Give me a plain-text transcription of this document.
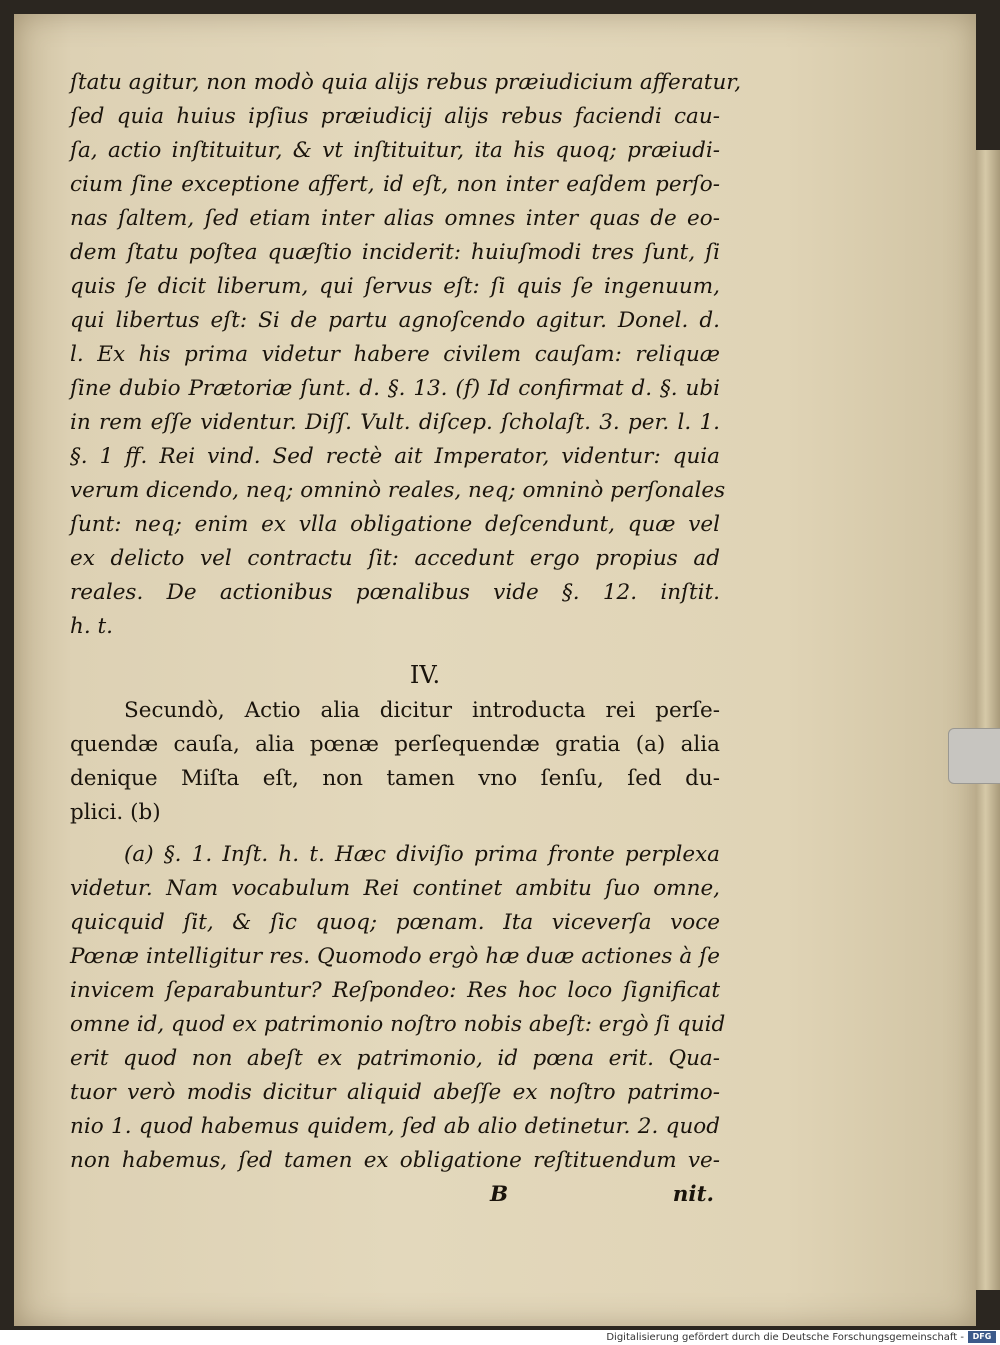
ſtatu agitur, non modò quia alijs rebus præiudicium afferatur,
ſed quia huius ipſius præiudicij alijs rebus faciendi cau-
ſa, actio inſtituitur, & vt inſtituitur, ita his quoq; præiudi-
cium ſine exceptione affert, id eſt, non inter eaſdem perſo-
nas ſaltem, ſed etiam inter alias omnes inter quas de eo-
dem ſtatu poſtea quæſtio inciderit: huiuſmodi tres ſunt, ſi
quis ſe dicit liberum, qui ſervus eſt: ſi quis ſe ingenuum,
qui libertus eſt: Si de partu agnoſcendo agitur. Donel. d.
l. Ex his prima videtur habere civilem cauſam: reliquæ
ſine dubio Prætoriæ ſunt. d. §. 13. (f) Id confirmat d. §. ubi
in rem eſſe videntur. Diſſ. Vult. diſcep. ſcholaſt. 3. per. l. 1.
§. 1 ff. Rei vind. Sed rectè ait Imperator, videntur: quia
verum dicendo, neq; omninò reales, neq; omninò perſonales
ſunt: neq; enim ex vlla obligatione deſcendunt, quæ vel
ex delicto vel contractu ſit: accedunt ergo propius ad
reales. De actionibus pœnalibus vide §. 12. inſtit.
h. t.
IV.
Secundò, Actio alia dicitur introducta rei perſe-
quendæ cauſa, alia pœnæ perſequendæ gratia (a) alia
denique Miſta eſt, non tamen vno ſenſu, ſed du-
plici. (b)
(a) §. 1. Inſt. h. t. Hæc diviſio prima fronte perplexa
videtur. Nam vocabulum Rei continet ambitu ſuo omne,
quicquid ſit, & ſic quoq; pœnam. Ita viceverſa voce
Pœnæ intelligitur res. Quomodo ergò hæ duæ actiones à ſe
invicem ſeparabuntur? Reſpondeo: Res hoc loco ſignificat
omne id, quod ex patrimonio noſtro nobis abeſt: ergò ſi quid
erit quod non abeſt ex patrimonio, id pœna erit. Qua-
tuor verò modis dicitur aliquid abeſſe ex noſtro patrimo-
nio 1. quod habemus quidem, ſed ab alio detinetur. 2. quod
non habemus, ſed tamen ex obligatione reſtituendum ve-
B	nit.
Digitalisierung gefördert durch die Deutsche Forschungsgemeinschaft -	DFG
